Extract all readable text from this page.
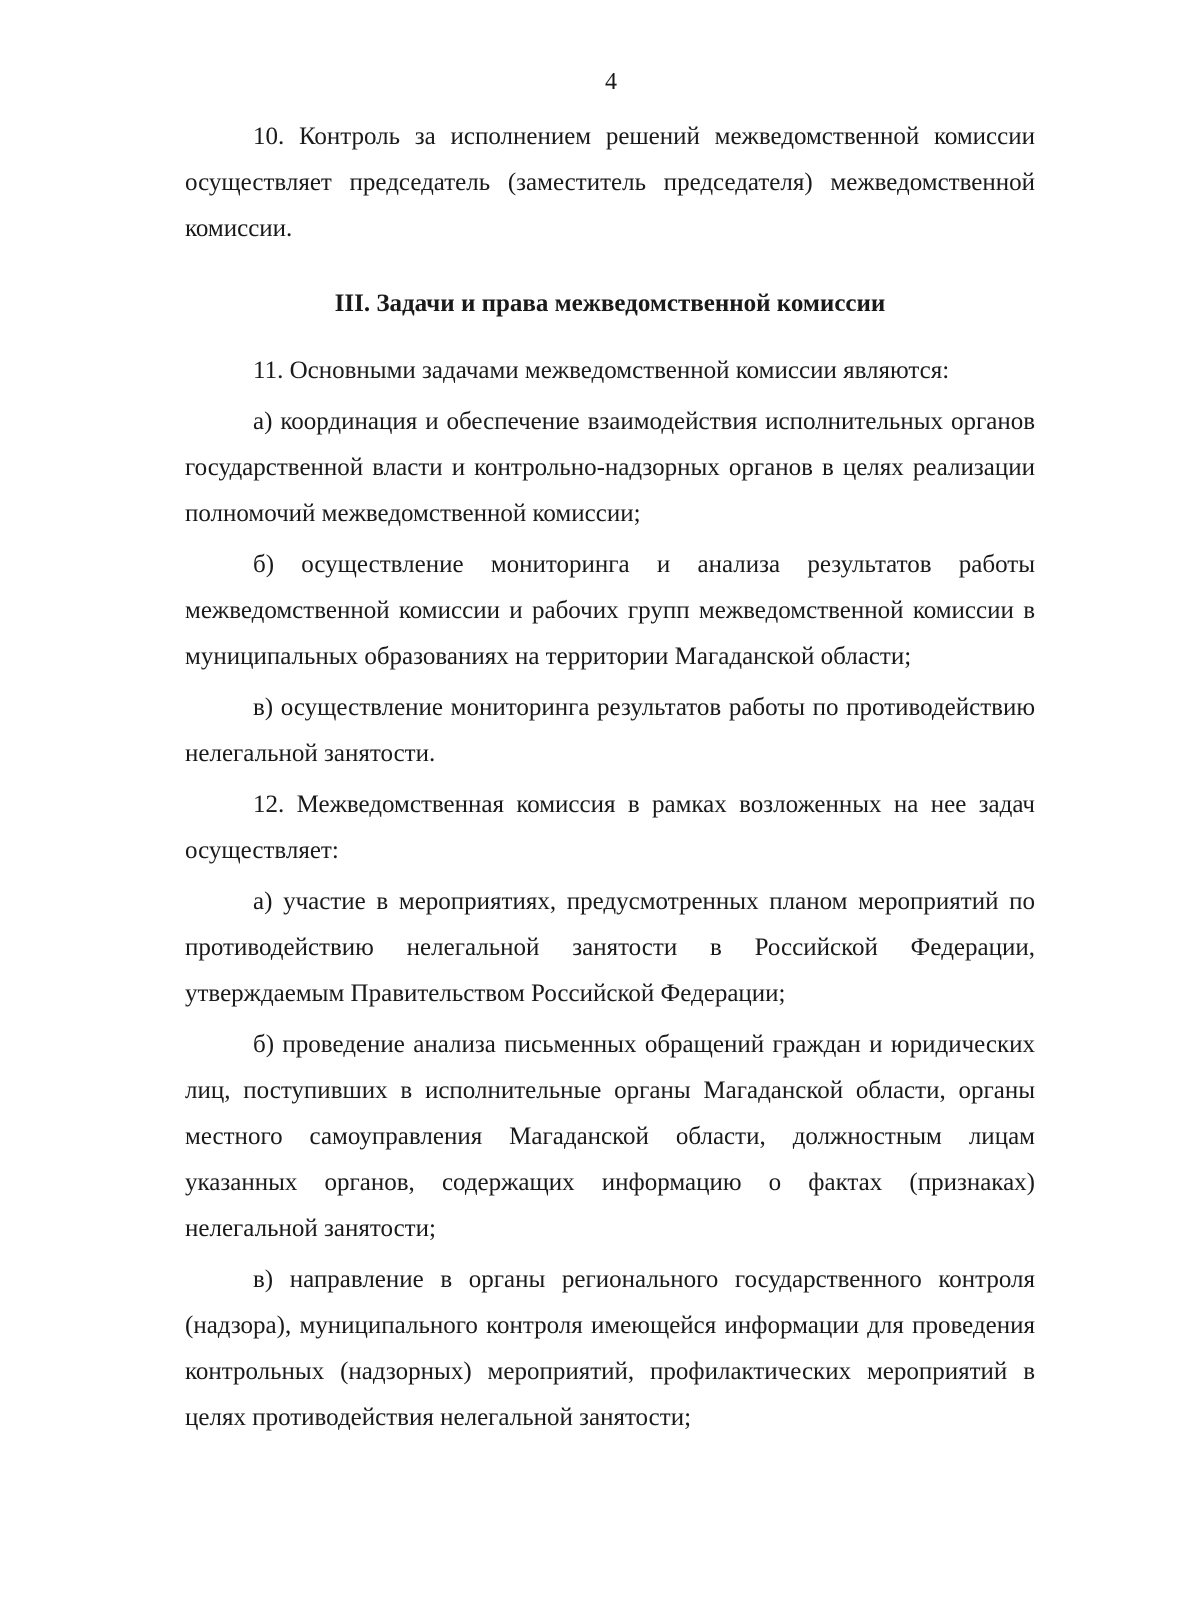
4

10. Контроль за исполнением решений межведомственной комиссии осуществляет председатель (заместитель председателя) межведомственной комиссии.

III. Задачи и права межведомственной комиссии

11. Основными задачами межведомственной комиссии являются:

а) координация и обеспечение взаимодействия исполнительных органов государственной власти и контрольно-надзорных органов в целях реализации полномочий межведомственной комиссии;

б) осуществление мониторинга и анализа результатов работы межведомственной комиссии и рабочих групп межведомственной комиссии в муниципальных образованиях на территории Магаданской области;

в) осуществление мониторинга результатов работы по противодействию нелегальной занятости.

12. Межведомственная комиссия в рамках возложенных на нее задач осуществляет:

а) участие в мероприятиях, предусмотренных планом мероприятий по противодействию нелегальной занятости в Российской Федерации, утверждаемым Правительством Российской Федерации;

б) проведение анализа письменных обращений граждан и юридических лиц, поступивших в исполнительные органы Магаданской области, органы местного самоуправления Магаданской области, должностным лицам указанных органов, содержащих информацию о фактах (признаках) нелегальной занятости;

в) направление в органы регионального государственного контроля (надзора), муниципального контроля имеющейся информации для проведения контрольных (надзорных) мероприятий, профилактических мероприятий в целях противодействия нелегальной занятости;
